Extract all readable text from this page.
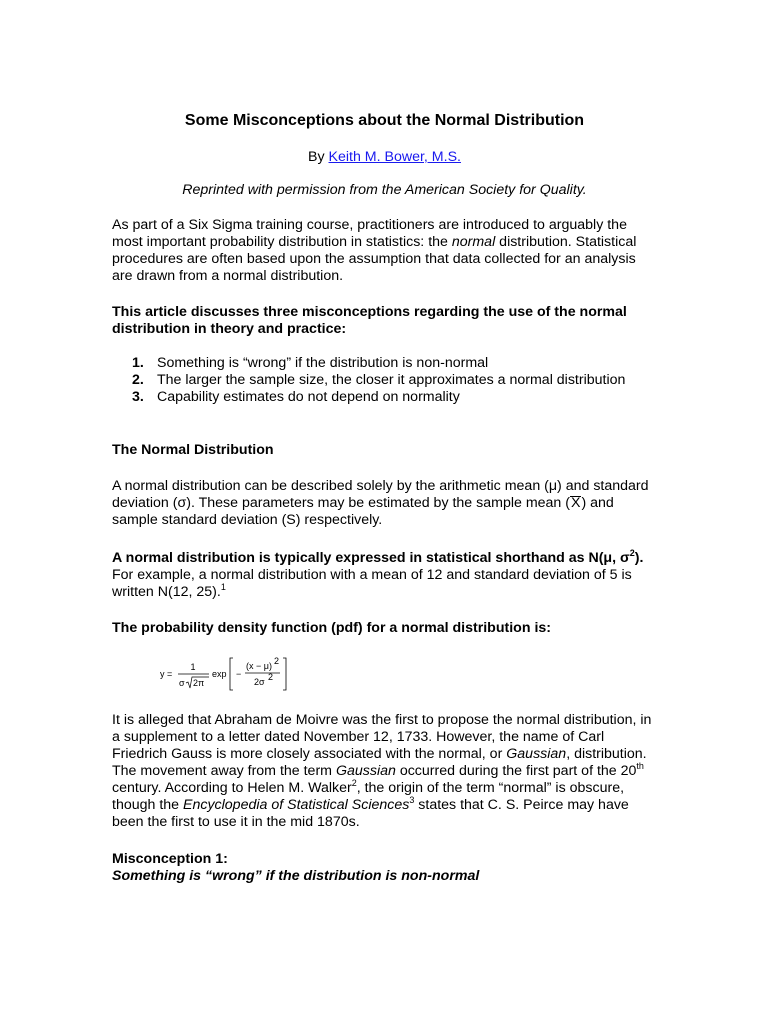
Some Misconceptions about the Normal Distribution
By Keith M. Bower, M.S.
Reprinted with permission from the American Society for Quality.

As part of a Six Sigma training course, practitioners are introduced to arguably the most important probability distribution in statistics: the normal distribution. Statistical procedures are often based upon the assumption that data collected for an analysis are drawn from a normal distribution.

This article discusses three misconceptions regarding the use of the normal distribution in theory and practice:

1. Something is “wrong” if the distribution is non-normal
2. The larger the sample size, the closer it approximates a normal distribution
3. Capability estimates do not depend on normality

The Normal Distribution

A normal distribution can be described solely by the arithmetic mean (μ) and standard deviation (σ). These parameters may be estimated by the sample mean (X) and sample standard deviation (S) respectively.

A normal distribution is typically expressed in statistical shorthand as N(μ, $\sigma^2$). For example, a normal distribution with a mean of 12 and standard deviation of 5 is written N(12, 25).$^1$

The probability density function (pdf) for a normal distribution is:

y =
1
σ 2π
exp −
(x − μ) 2
2σ 2

It is alleged that Abraham de Moivre was the first to propose the normal distribution, in a supplement to a letter dated November 12, 1733. However, the name of Carl Friedrich Gauss is more closely associated with the normal, or Gaussian, distribution. The movement away from the term Gaussian occurred during the first part of the 20th century. According to Helen M. Walker$^2$, the origin of the term “normal” is obscure, though the Encyclopedia of Statistical Sciences$^3$ states that C. S. Peirce may have been the first to use it in the mid 1870s.

Misconception 1:
Something is “wrong” if the distribution is non-normal
